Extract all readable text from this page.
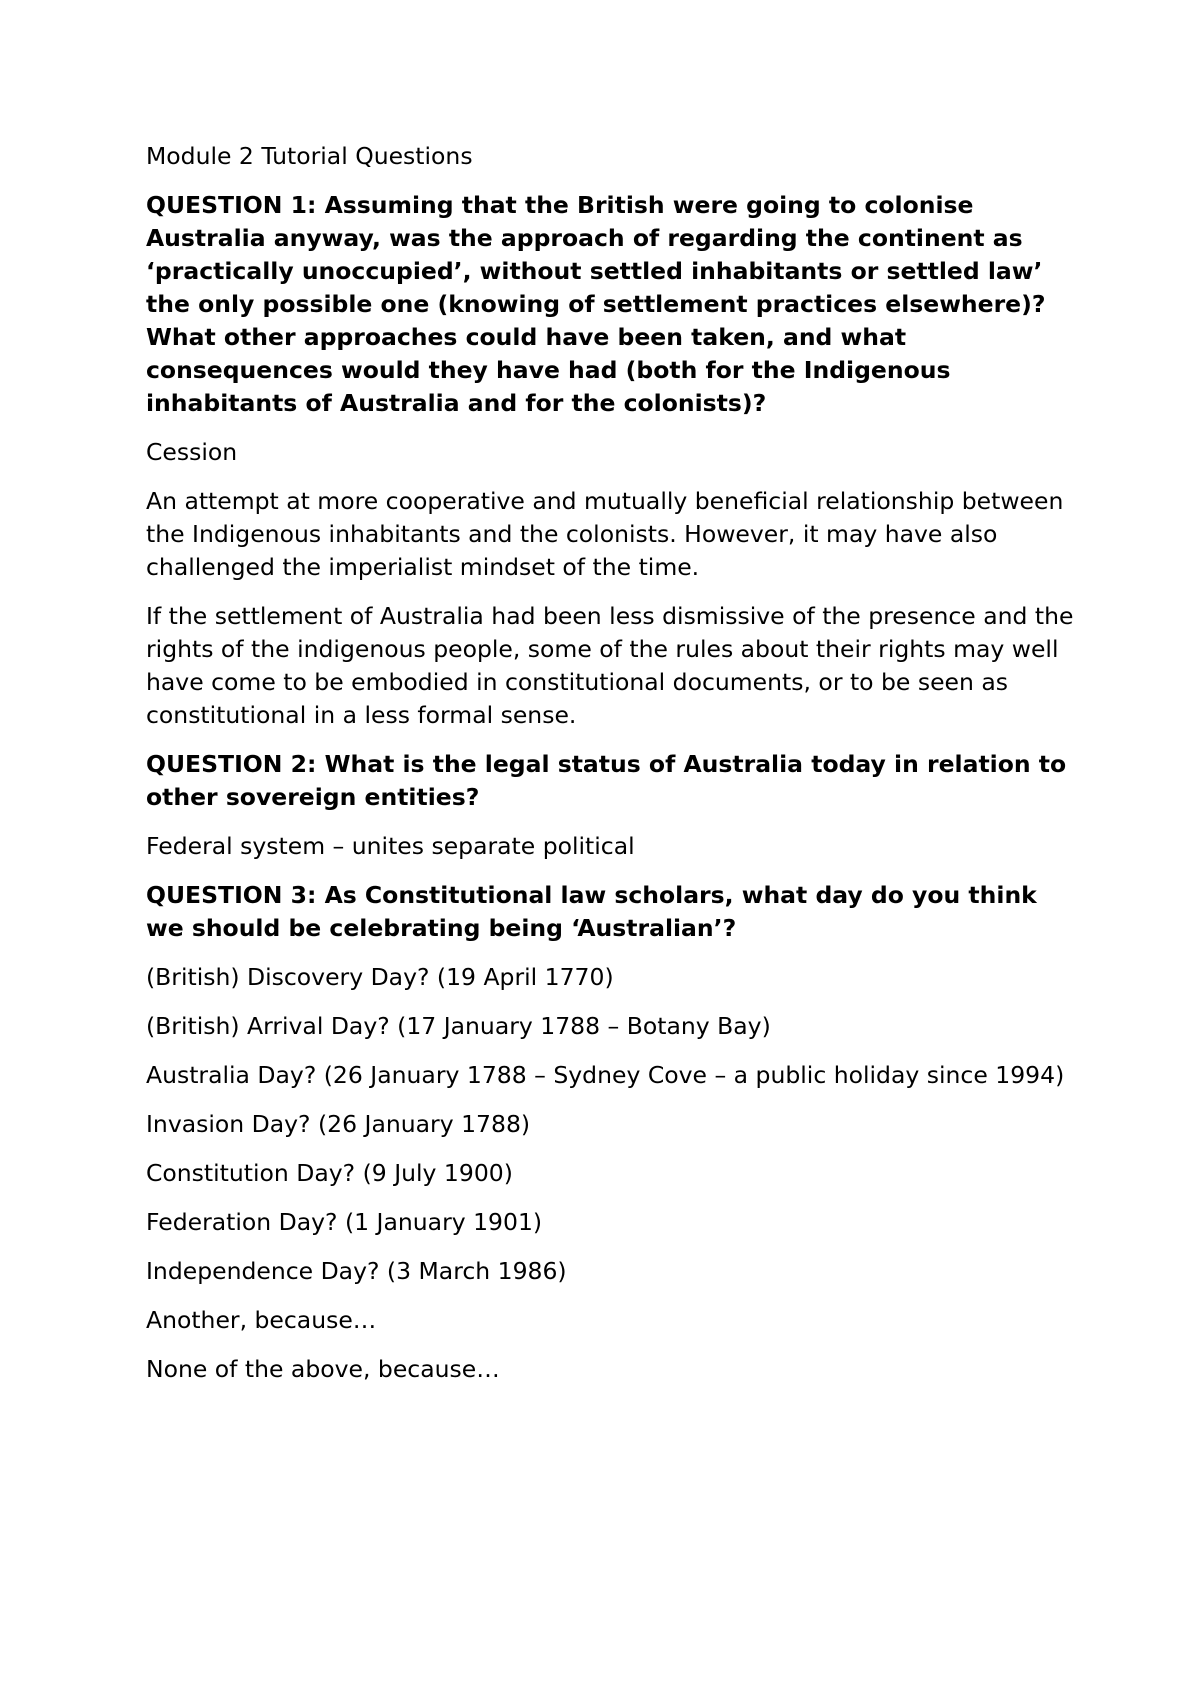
Module 2 Tutorial Questions

QUESTION 1: Assuming that the British were going to colonise Australia anyway, was the approach of regarding the continent as ‘practically unoccupied’, without settled inhabitants or settled law’ the only possible one (knowing of settlement practices elsewhere)? What other approaches could have been taken, and what consequences would they have had (both for the Indigenous inhabitants of Australia and for the colonists)?

Cession

An attempt at more cooperative and mutually beneficial relationship between the Indigenous inhabitants and the colonists. However, it may have also challenged the imperialist mindset of the time.

If the settlement of Australia had been less dismissive of the presence and the rights of the indigenous people, some of the rules about their rights may well have come to be embodied in constitutional documents, or to be seen as constitutional in a less formal sense.

QUESTION 2: What is the legal status of Australia today in relation to other sovereign entities?

Federal system – unites separate political

QUESTION 3: As Constitutional law scholars, what day do you think we should be celebrating being ‘Australian’?

(British) Discovery Day? (19 April 1770)

(British) Arrival Day? (17 January 1788 – Botany Bay)

Australia Day? (26 January 1788 – Sydney Cove – a public holiday since 1994)

Invasion Day? (26 January 1788)

Constitution Day? (9 July 1900)

Federation Day? (1 January 1901)

Independence Day? (3 March 1986)

Another, because…

None of the above, because…
